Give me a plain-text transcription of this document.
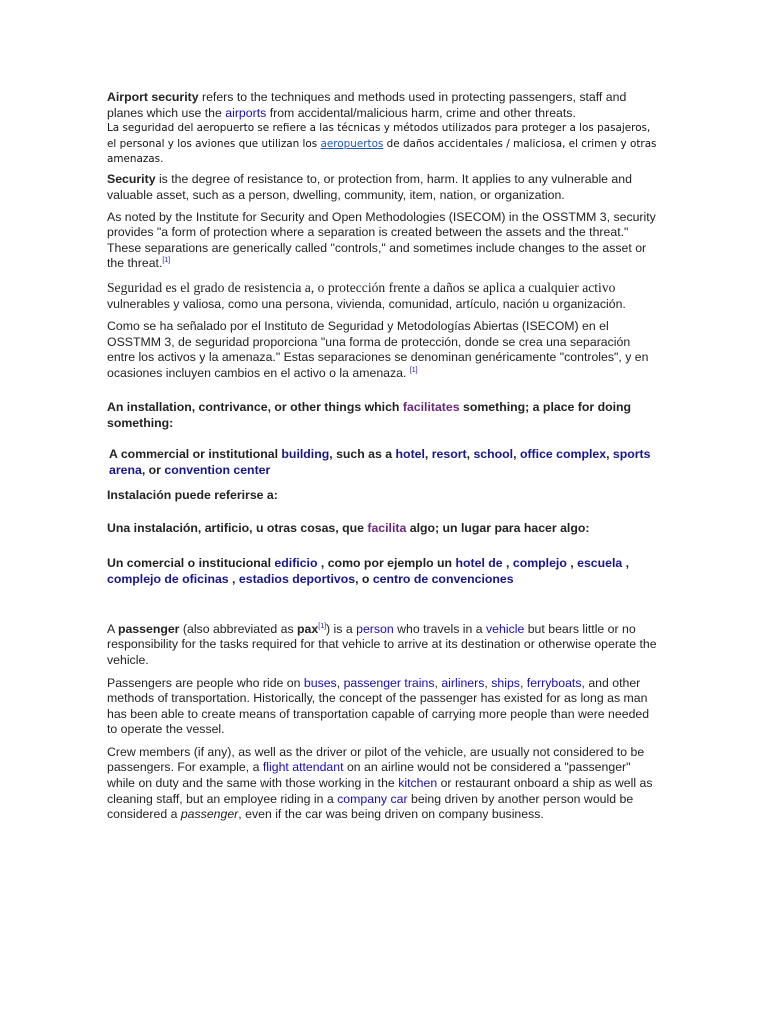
Airport security refers to the techniques and methods used in protecting passengers, staff and planes which use the airports from accidental/malicious harm, crime and other threats.

La seguridad del aeropuerto se refiere a las técnicas y métodos utilizados para proteger a los pasajeros, el personal y los aviones que utilizan los aeropuertos de daños accidentales / maliciosa, el crimen y otras amenazas.

Security is the degree of resistance to, or protection from, harm. It applies to any vulnerable and valuable asset, such as a person, dwelling, community, item, nation, or organization.

As noted by the Institute for Security and Open Methodologies (ISECOM) in the OSSTMM 3, security provides "a form of protection where a separation is created between the assets and the threat." These separations are generically called "controls," and sometimes include changes to the asset or the threat.[1]

Seguridad es el grado de resistencia a, o protección frente a daños se aplica a cualquier activo vulnerables y valiosa, como una persona, vivienda, comunidad, artículo, nación u organización.

Como se ha señalado por el Instituto de Seguridad y Metodologías Abiertas (ISECOM) en el OSSTMM 3, de seguridad proporciona "una forma de protección, donde se crea una separación entre los activos y la amenaza." Estas separaciones se denominan genéricamente "controles", y en ocasiones incluyen cambios en el activo o la amenaza. [1]

An installation, contrivance, or other things which facilitates something; a place for doing something:

A commercial or institutional building, such as a hotel, resort, school, office complex, sports arena, or convention center

Instalación puede referirse a:

Una instalación, artificio, u otras cosas, que facilita algo; un lugar para hacer algo:

Un comercial o institucional edificio , como por ejemplo un hotel de , complejo , escuela , complejo de oficinas , estadios deportivos, o centro de convenciones

A passenger (also abbreviated as pax[1]) is a person who travels in a vehicle but bears little or no responsibility for the tasks required for that vehicle to arrive at its destination or otherwise operate the vehicle.

Passengers are people who ride on buses, passenger trains, airliners, ships, ferryboats, and other methods of transportation. Historically, the concept of the passenger has existed for as long as man has been able to create means of transportation capable of carrying more people than were needed to operate the vessel.

Crew members (if any), as well as the driver or pilot of the vehicle, are usually not considered to be passengers. For example, a flight attendant on an airline would not be considered a "passenger" while on duty and the same with those working in the kitchen or restaurant onboard a ship as well as cleaning staff, but an employee riding in a company car being driven by another person would be considered a passenger, even if the car was being driven on company business.
